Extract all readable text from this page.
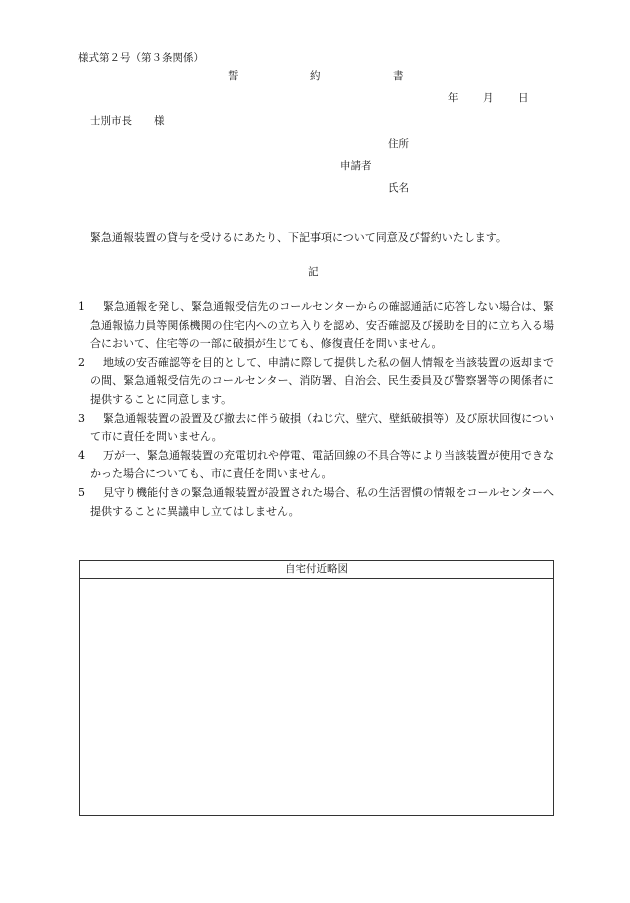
様式第２号（第３条関係）
誓	約	書
年 月 日
士別市長 様
住所
申請者
氏名
緊急通報装置の貸与を受けるにあたり、下記事項について同意及び誓約いたします。
記
1	緊急通報を発し、緊急通報受信先のコールセンターからの確認通話に応答しない場合は、緊急通報協力員等関係機関の住宅内への立ち入りを認め、安否確認及び援助を目的に立ち入る場合において、住宅等の一部に破損が生じても、修復責任を問いません。
2	地域の安否確認等を目的として、申請に際して提供した私の個人情報を当該装置の返却までの間、緊急通報受信先のコールセンター、消防署、自治会、民生委員及び警察署等の関係者に提供することに同意します。
3	緊急通報装置の設置及び撤去に伴う破損（ねじ穴、壁穴、壁紙破損等）及び原状回復について市に責任を問いません。
4	万が一、緊急通報装置の充電切れや停電、電話回線の不具合等により当該装置が使用できなかった場合についても、市に責任を問いません。
5	見守り機能付きの緊急通報装置が設置された場合、私の生活習慣の情報をコールセンターへ提供することに異議申し立てはしません。
自宅付近略図
